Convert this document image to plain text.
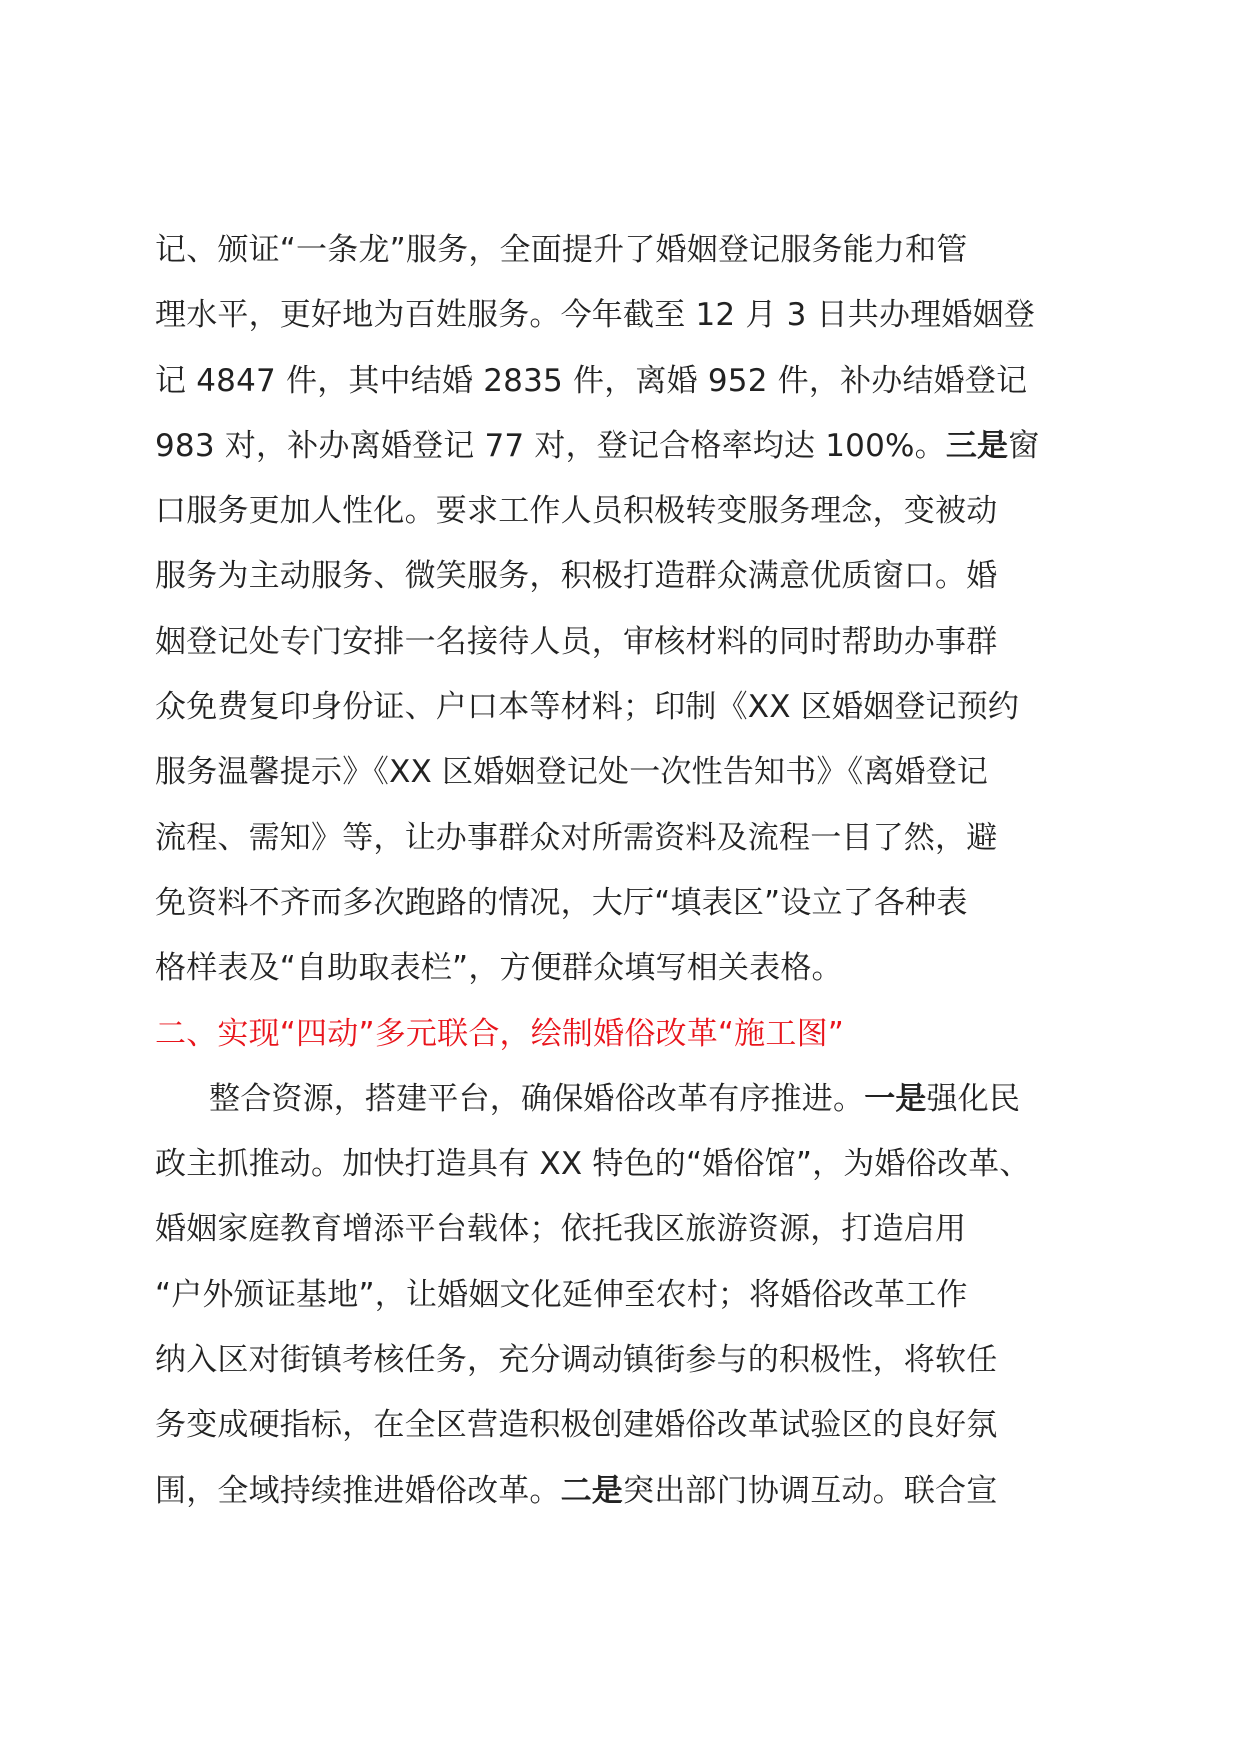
记、颁证“一条龙”服务，全面提升了婚姻登记服务能力和管
理水平，更好地为百姓服务。今年截至 12 月 3 日共办理婚姻登
记 4847 件，其中结婚 2835 件，离婚 952 件，补办结婚登记
983 对，补办离婚登记 77 对，登记合格率均达 100%。三是窗
口服务更加人性化。要求工作人员积极转变服务理念，变被动
服务为主动服务、微笑服务，积极打造群众满意优质窗口。婚
姻登记处专门安排一名接待人员，审核材料的同时帮助办事群
众免费复印身份证、户口本等材料；印制《XX 区婚姻登记预约
服务温馨提示》《XX 区婚姻登记处一次性告知书》《离婚登记
流程、需知》等，让办事群众对所需资料及流程一目了然，避
免资料不齐而多次跑路的情况，大厅“填表区”设立了各种表
格样表及“自助取表栏”，方便群众填写相关表格。
二、实现“四动”多元联合，绘制婚俗改革“施工图”
整合资源，搭建平台，确保婚俗改革有序推进。一是强化民
政主抓推动。加快打造具有 XX 特色的“婚俗馆”，为婚俗改革、
婚姻家庭教育增添平台载体；依托我区旅游资源，打造启用
“户外颁证基地”，让婚姻文化延伸至农村；将婚俗改革工作
纳入区对街镇考核任务，充分调动镇街参与的积极性，将软任
务变成硬指标，在全区营造积极创建婚俗改革试验区的良好氛
围，全域持续推进婚俗改革。二是突出部门协调互动。联合宣
